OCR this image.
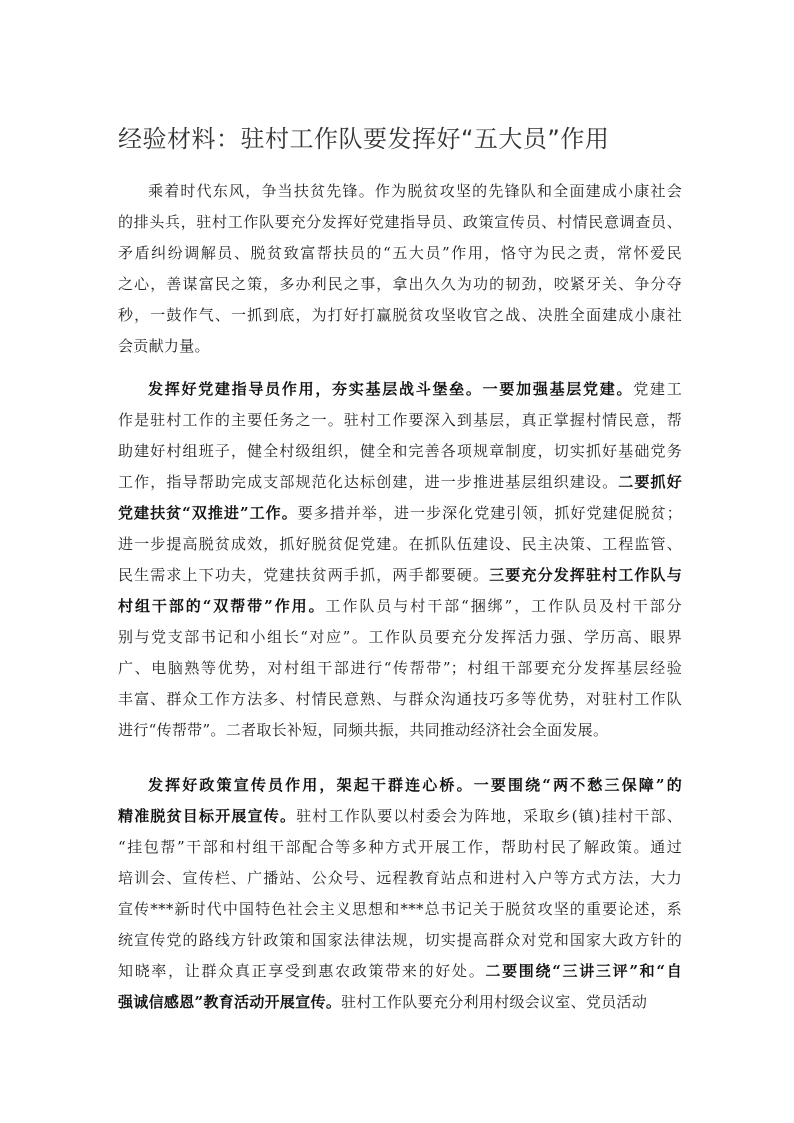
经验材料：驻村工作队要发挥好“五大员”作用
乘着时代东风，争当扶贫先锋。作为脱贫攻坚的先锋队和全面建成小康社会
的排头兵，驻村工作队要充分发挥好党建指导员、政策宣传员、村情民意调查员、
矛盾纠纷调解员、脱贫致富帮扶员的“五大员”作用，恪守为民之责，常怀爱民
之心，善谋富民之策，多办利民之事，拿出久久为功的韧劲，咬紧牙关、争分夺
秒，一鼓作气、一抓到底，为打好打赢脱贫攻坚收官之战、决胜全面建成小康社
会贡献力量。
发挥好党建指导员作用，夯实基层战斗堡垒。一要加强基层党建。党建工
作是驻村工作的主要任务之一。驻村工作要深入到基层，真正掌握村情民意，帮
助建好村组班子，健全村级组织，健全和完善各项规章制度，切实抓好基础党务
工作，指导帮助完成支部规范化达标创建，进一步推进基层组织建设。二要抓好
党建扶贫“双推进”工作。要多措并举，进一步深化党建引领，抓好党建促脱贫；
进一步提高脱贫成效，抓好脱贫促党建。在抓队伍建设、民主决策、工程监管、
民生需求上下功夫，党建扶贫两手抓，两手都要硬。三要充分发挥驻村工作队与
村组干部的“双帮带”作用。工作队员与村干部“捆绑”，工作队员及村干部分
别与党支部书记和小组长“对应”。工作队员要充分发挥活力强、学历高、眼界
广、电脑熟等优势，对村组干部进行“传帮带”；村组干部要充分发挥基层经验
丰富、群众工作方法多、村情民意熟、与群众沟通技巧多等优势，对驻村工作队
进行“传帮带”。二者取长补短，同频共振，共同推动经济社会全面发展。
发挥好政策宣传员作用，架起干群连心桥。一要围绕“两不愁三保障”的
精准脱贫目标开展宣传。驻村工作队要以村委会为阵地，采取乡(镇)挂村干部、
“挂包帮”干部和村组干部配合等多种方式开展工作，帮助村民了解政策。通过
培训会、宣传栏、广播站、公众号、远程教育站点和进村入户等方式方法，大力
宣传***新时代中国特色社会主义思想和***总书记关于脱贫攻坚的重要论述，系
统宣传党的路线方针政策和国家法律法规，切实提高群众对党和国家大政方针的
知晓率，让群众真正享受到惠农政策带来的好处。二要围绕“三讲三评”和“自
强诚信感恩”教育活动开展宣传。驻村工作队要充分利用村级会议室、党员活动
